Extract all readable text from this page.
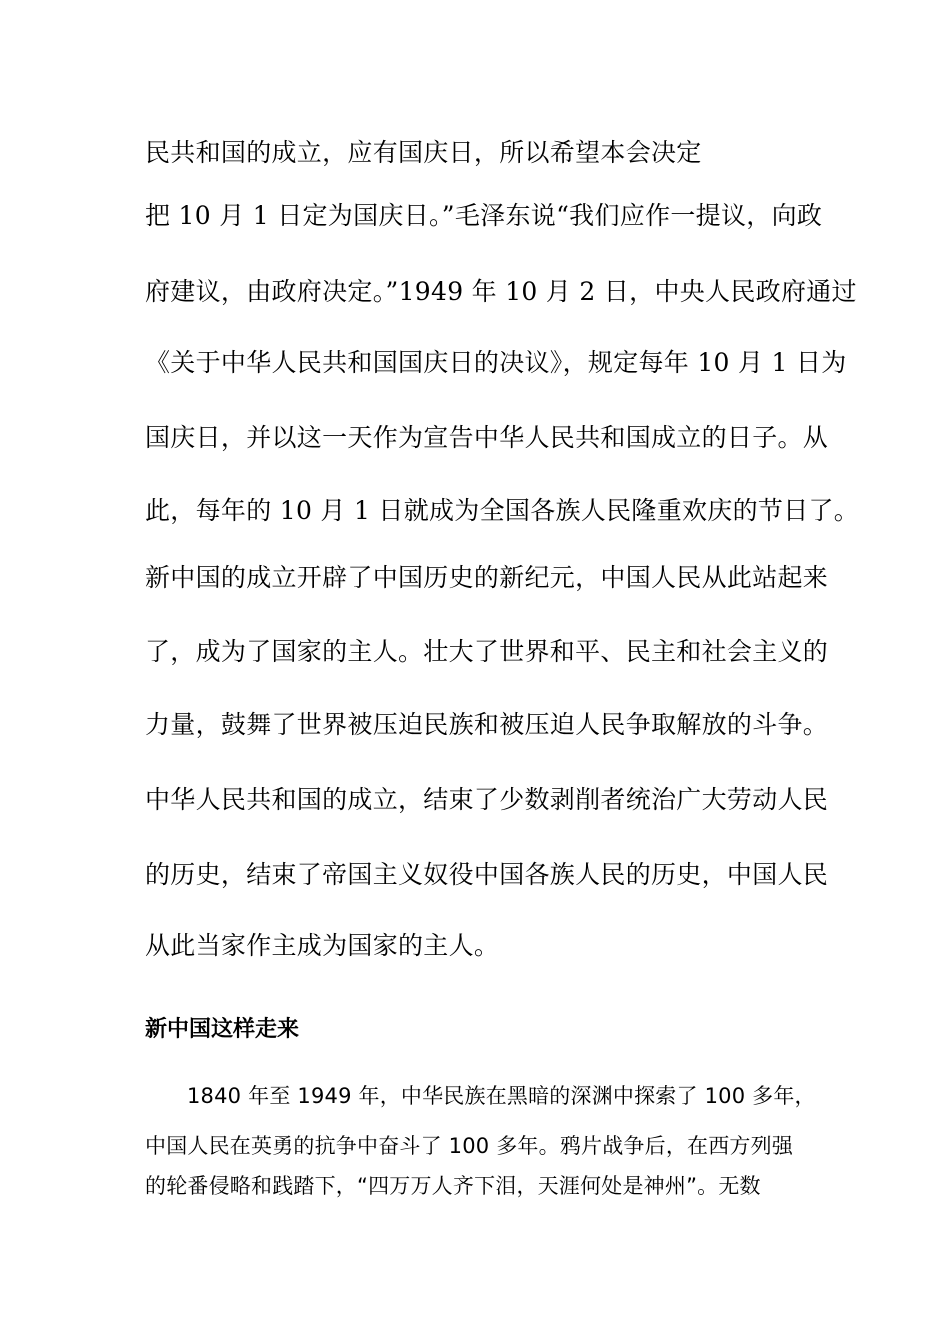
民共和国的成立，应有国庆日，所以希望本会决定
把 10 月 1 日定为国庆日。”毛泽东说“我们应作一提议，向政
府建议，由政府决定。”1949 年 10 月 2 日，中央人民政府通过
《关于中华人民共和国国庆日的决议》，规定每年 10 月 1 日为
国庆日，并以这一天作为宣告中华人民共和国成立的日子。从
此，每年的 10 月 1 日就成为全国各族人民隆重欢庆的节日了。
新中国的成立开辟了中国历史的新纪元，中国人民从此站起来
了，成为了国家的主人。壮大了世界和平、民主和社会主义的
力量，鼓舞了世界被压迫民族和被压迫人民争取解放的斗争。
中华人民共和国的成立，结束了少数剥削者统治广大劳动人民
的历史，结束了帝国主义奴役中国各族人民的历史，中国人民
从此当家作主成为国家的主人。
新中国这样走来
1840 年至 1949 年，中华民族在黑暗的深渊中探索了 100 多年，
中国人民在英勇的抗争中奋斗了 100 多年。鸦片战争后，在西方列强
的轮番侵略和践踏下，“四万万人齐下泪，天涯何处是神州”。无数
